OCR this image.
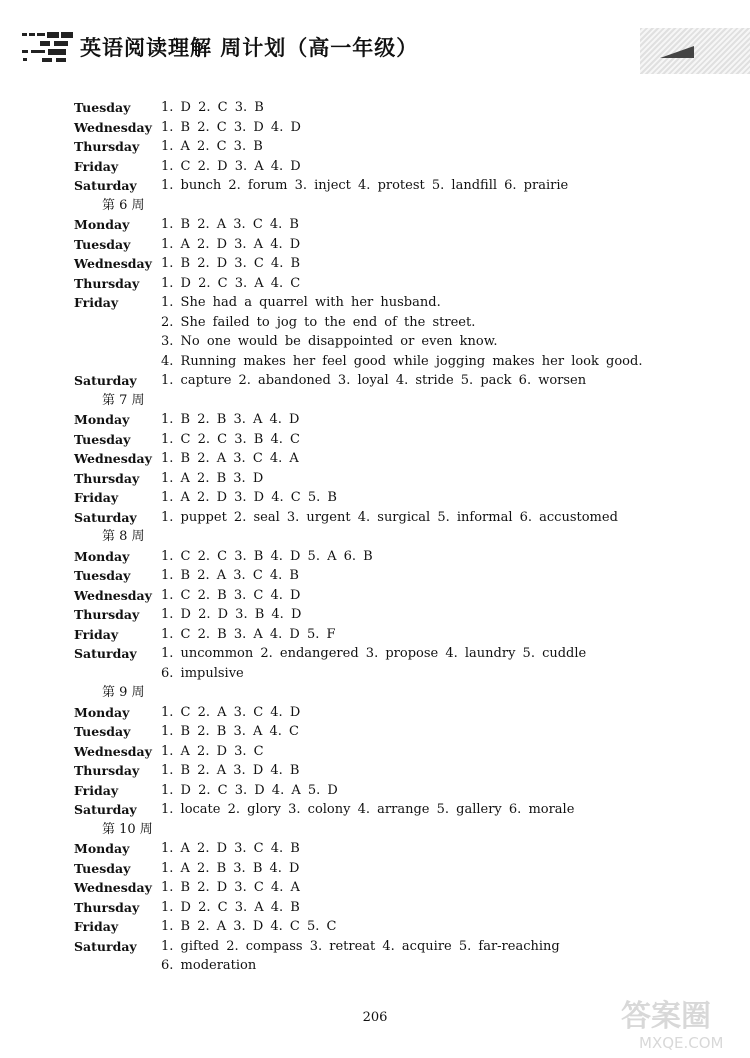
英语阅读理解 周计划（高一年级）
Tuesday 1. D 2. C 3. B
Wednesday 1. B 2. C 3. D 4. D
Thursday 1. A 2. C 3. B
Friday	1. C 2. D 3. A 4. D
Saturday 1. bunch 2. forum 3. inject 4. protest 5. landfill 6. prairie
第 6 周
Monday 1. B 2. A 3. C 4. B
Tuesday 1. A 2. D 3. A 4. D
Wednesday 1. B 2. D 3. C 4. B
Thursday 1. D 2. C 3. A 4. C
Friday	1. She had a quarrel with her husband.
2. She failed to jog to the end of the street.
3. No one would be disappointed or even know.
4. Running makes her feel good while jogging makes her look good.
Saturday 1. capture 2. abandoned 3. loyal 4. stride 5. pack 6. worsen
第 7 周
Monday 1. B 2. B 3. A 4. D
Tuesday 1. C 2. C 3. B 4. C
Wednesday 1. B 2. A 3. C 4. A
Thursday 1. A 2. B 3. D
Friday	1. A 2. D 3. D 4. C 5. B
Saturday 1. puppet 2. seal 3. urgent 4. surgical 5. informal 6. accustomed
第 8 周
Monday 1. C 2. C 3. B 4. D 5. A 6. B
Tuesday 1. B 2. A 3. C 4. B
Wednesday 1. C 2. B 3. C 4. D
Thursday 1. D 2. D 3. B 4. D
Friday	1. C 2. B 3. A 4. D 5. F
Saturday 1. uncommon 2. endangered 3. propose 4. laundry 5. cuddle
6. impulsive
第 9 周
Monday 1. C 2. A 3. C 4. D
Tuesday 1. B 2. B 3. A 4. C
Wednesday 1. A 2. D 3. C
Thursday 1. B 2. A 3. D 4. B
Friday	1. D 2. C 3. D 4. A 5. D
Saturday 1. locate 2. glory 3. colony 4. arrange 5. gallery 6. morale
第 10 周
Monday 1. A 2. D 3. C 4. B
Tuesday 1. A 2. B 3. B 4. D
Wednesday 1. B 2. D 3. C 4. A
Thursday 1. D 2. C 3. A 4. B
Friday	1. B 2. A 3. D 4. C 5. C
Saturday 1. gifted 2. compass 3. retreat 4. acquire 5. far-reaching
6. moderation
206	答案圈
MXQE.COM
